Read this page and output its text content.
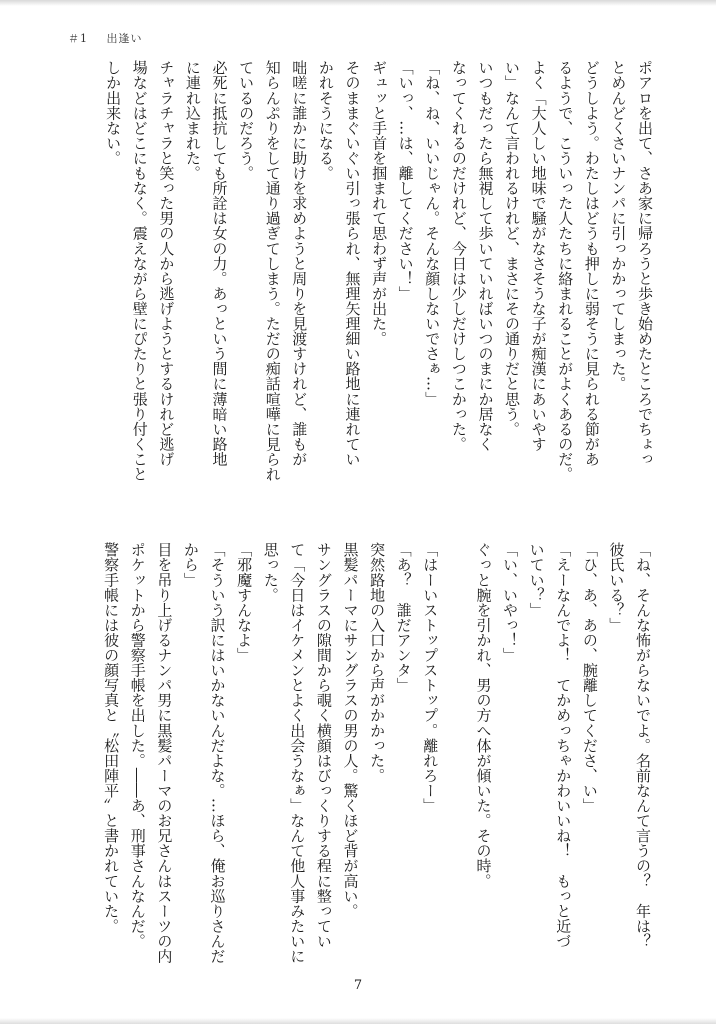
＃1 出逢い
ポアロを出て、さあ家に帰ろうと歩き始めたところでちょっ
とめんどくさいナンパに引っかかってしまった。
どうしよう。わたしはどうも押しに弱そうに見られる節があ
るようで、こういった人たちに絡まれることがよくあるのだ。
よく「大人しい地味で騒がなさそうな子が痴漢にあいやす
い」なんて言われるけれど、まさにその通りだと思う。
いつもだったら無視して歩いていればいつのまにか居なく
なってくれるのだけれど、今日は少しだけしつこかった。
「ね、ね、いいじゃん。そんな顔しないでさぁ…」
「いっ、…は、離してください！」
ギュッと手首を掴まれて思わず声が出た。
そのままぐいぐい引っ張られ、無理矢理細い路地に連れてい
かれそうになる。
咄嗟に誰かに助けを求めようと周りを見渡すけれど、誰もが
知らんぷりをして通り過ぎてしまう。ただの痴話喧嘩に見られ
ているのだろう。
必死に抵抗しても所詮は女の力。あっという間に薄暗い路地
に連れ込まれた。
チャラチャラと笑った男の人から逃げようとするけれど逃げ
場などはどこにもなく。震えながら壁にぴたりと張り付くこと
しか出来ない。
「ね、そんな怖がらないでよ。名前なんて言うの？　年は？
彼氏いる？」
「ひ、あ、あの、腕離してくださ、い」
「えーなんでよ！　てかめっちゃかわいいね！　もっと近づ
いてい？」
「い、いやっ！」
ぐっと腕を引かれ、男の方へ体が傾いた。その時。

「はーいストップストップ。離れろー」
「あ？　誰だアンタ」
突然路地の入口から声がかかった。
黒髪パーマにサングラスの男の人。驚くほど背が高い。
サングラスの隙間から覗く横顔はびっくりする程に整ってい
て「今日はイケメンとよく出会うなぁ」なんて他人事みたいに
思った。
「邪魔すんなよ」
「そういう訳にはいかないんだよな。…ほら、俺お巡りさんだ
から」
目を吊り上げるナンパ男に黒髪パーマのお兄さんはスーツの内
ポケットから警察手帳を出した。――あ、刑事さんなんだ。
警察手帳には彼の顔写真と〝松田陣平〟と書かれていた。
7
